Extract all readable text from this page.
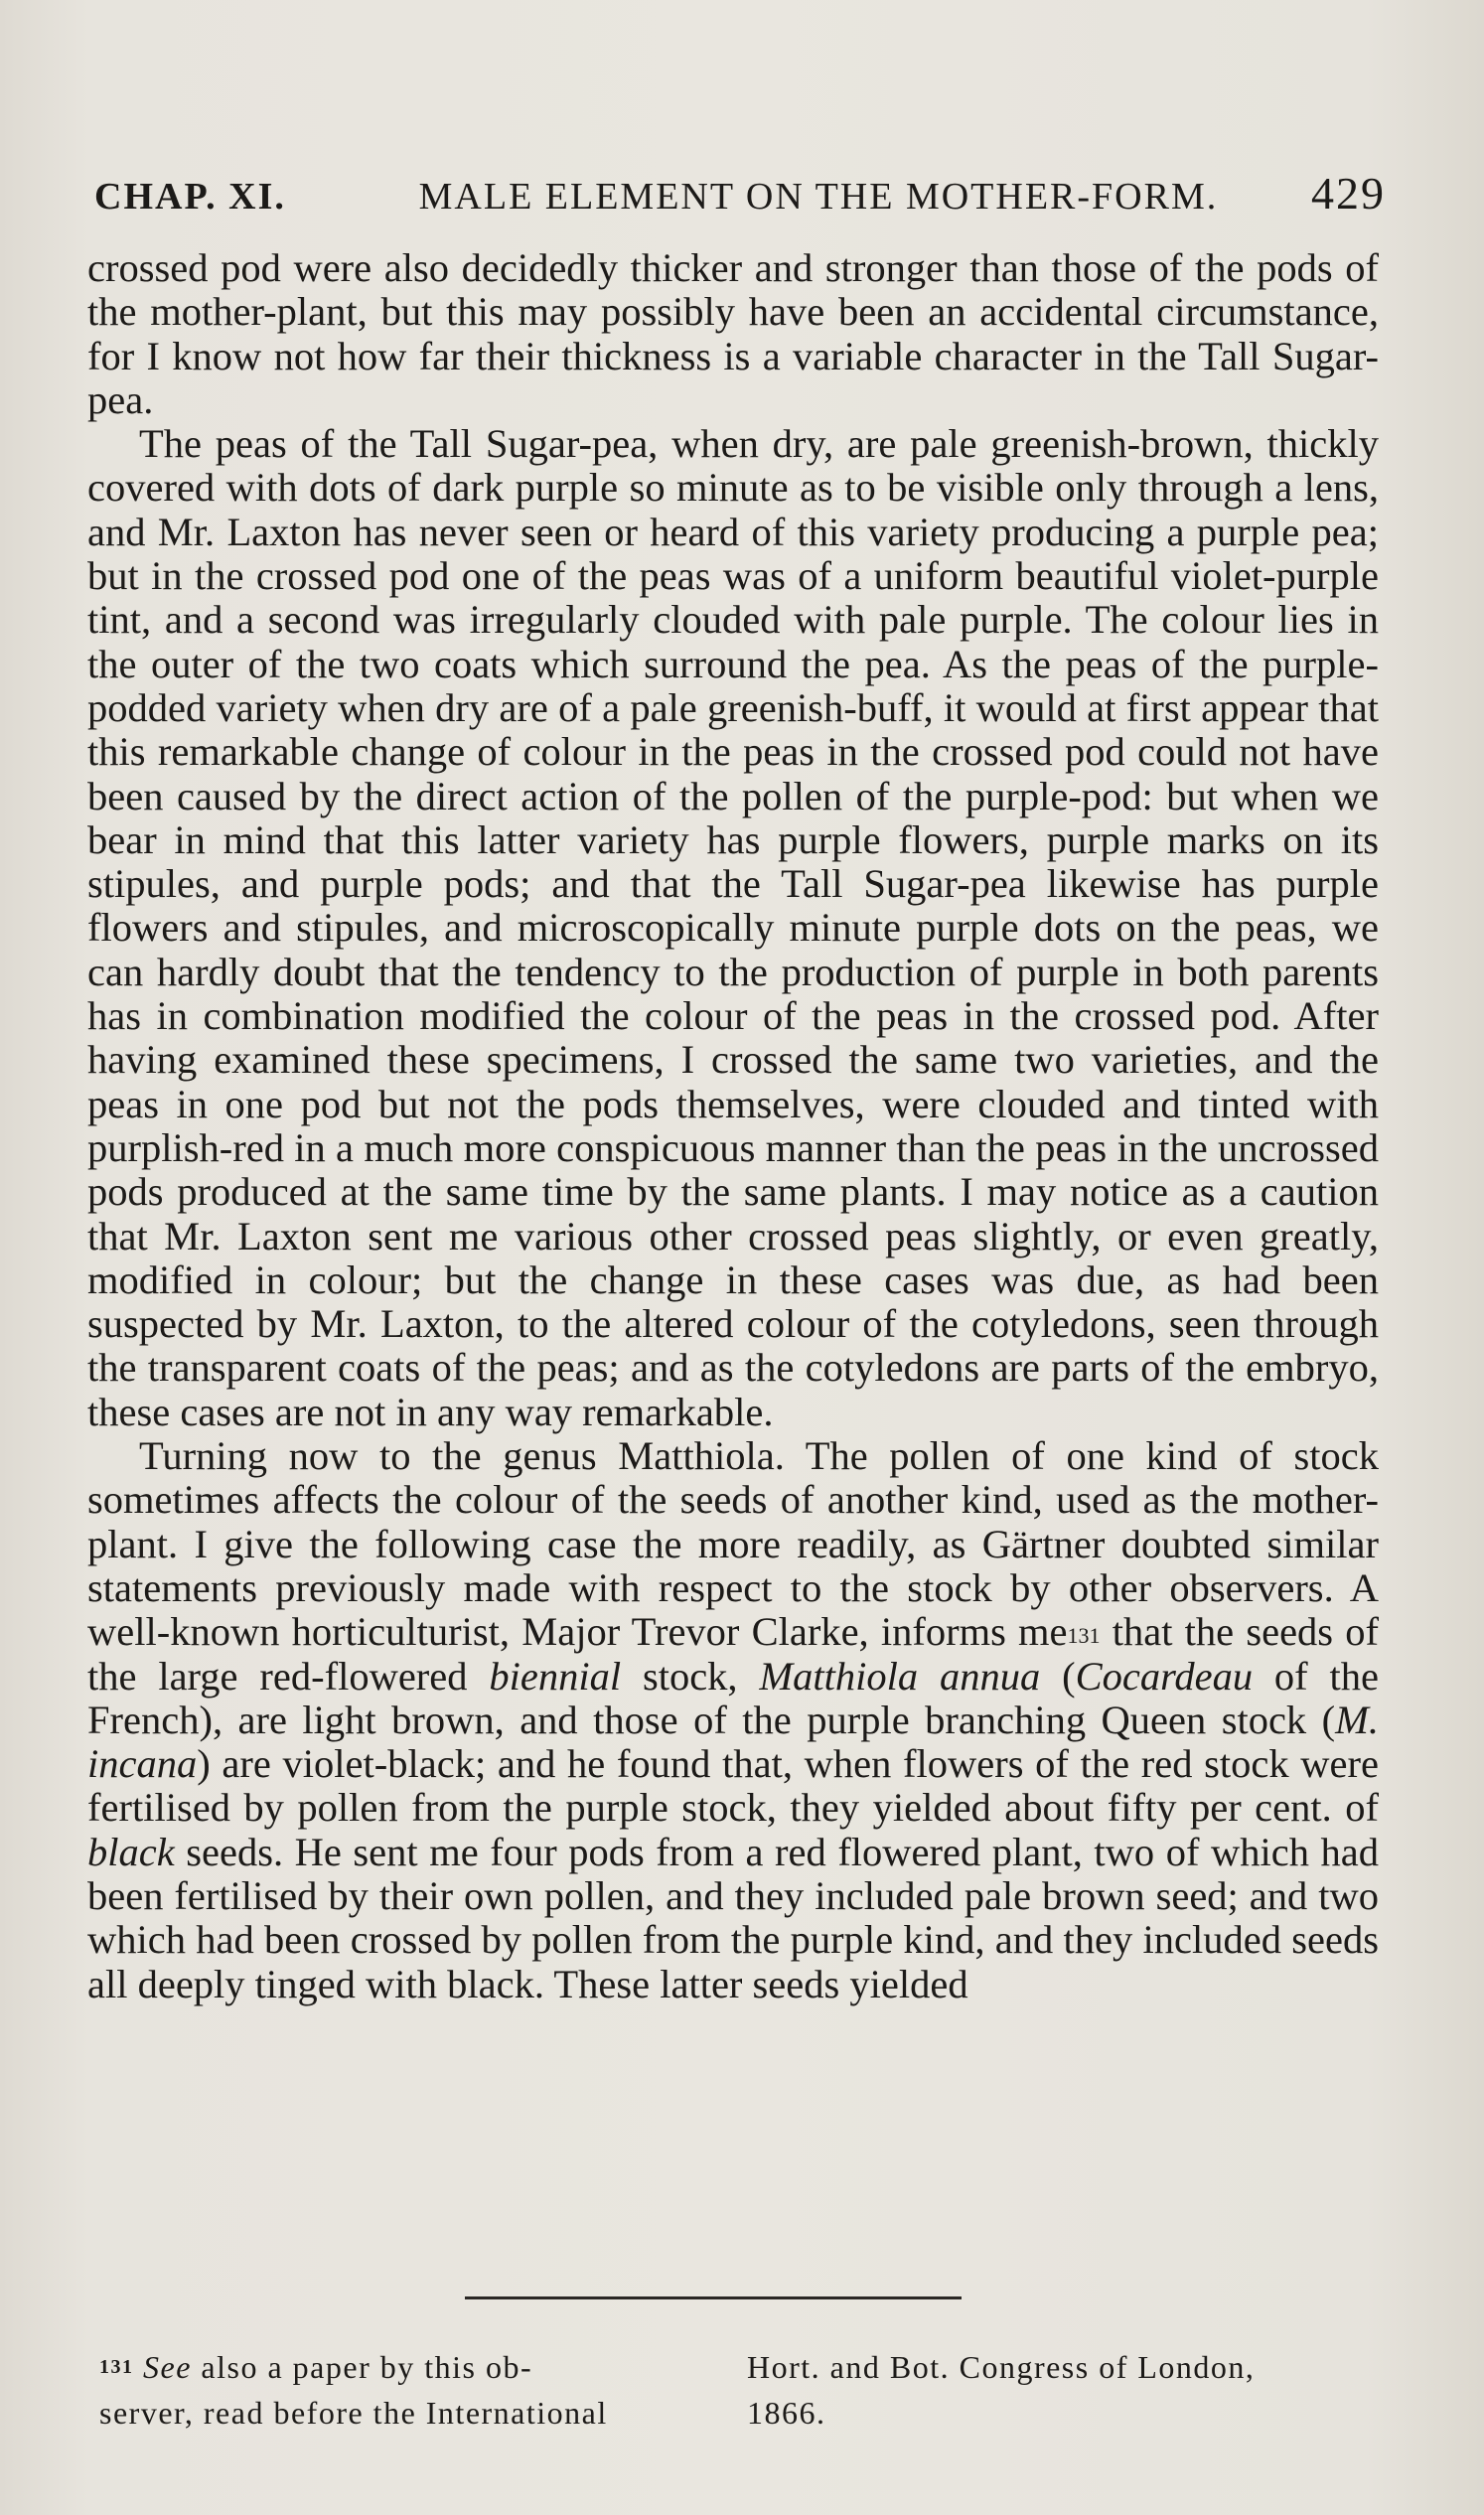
CHAP. XI.	MALE ELEMENT ON THE MOTHER-FORM. 429

crossed pod were also decidedly thicker and stronger than those of the pods of the mother-plant, but this may possibly have been an accidental circumstance, for I know not how far their thickness is a variable character in the Tall Sugar-pea.

The peas of the Tall Sugar-pea, when dry, are pale greenish-brown, thickly covered with dots of dark purple so minute as to be visible only through a lens, and Mr. Laxton has never seen or heard of this variety producing a purple pea; but in the crossed pod one of the peas was of a uniform beautiful violet-purple tint, and a second was irregularly clouded with pale purple. The colour lies in the outer of the two coats which surround the pea. As the peas of the purple-podded variety when dry are of a pale greenish-buff, it would at first appear that this remarkable change of colour in the peas in the crossed pod could not have been caused by the direct action of the pollen of the purple-pod: but when we bear in mind that this latter variety has purple flowers, purple marks on its stipules, and purple pods; and that the Tall Sugar-pea likewise has purple flowers and stipules, and microscopically minute purple dots on the peas, we can hardly doubt that the tendency to the production of purple in both parents has in combination modified the colour of the peas in the crossed pod. After having examined these specimens, I crossed the same two varieties, and the peas in one pod but not the pods themselves, were clouded and tinted with purplish-red in a much more conspicuous manner than the peas in the uncrossed pods produced at the same time by the same plants. I may notice as a caution that Mr. Laxton sent me various other crossed peas slightly, or even greatly, modified in colour; but the change in these cases was due, as had been suspected by Mr. Laxton, to the altered colour of the cotyledons, seen through the transparent coats of the peas; and as the cotyledons are parts of the embryo, these cases are not in any way remarkable.

Turning now to the genus Matthiola. The pollen of one kind of stock sometimes affects the colour of the seeds of another kind, used as the mother-plant. I give the following case the more readily, as Gärtner doubted similar statements previously made with respect to the stock by other observers. A well-known horticulturist, Major Trevor Clarke, informs $me^{131}$ that the seeds of the large red-flowered biennial stock, Matthiola annua (Cocardeau of the French), are light brown, and those of the purple branching Queen stock (M. incana) are violet-black; and he found that, when flowers of the red stock were fertilised by pollen from the purple stock, they yielded about fifty per cent. of black seeds. He sent me four pods from a red flowered plant, two of which had been fertilised by their own pollen, and they included pale brown seed; and two which had been crossed by pollen from the purple kind, and they included seeds all deeply tinged with black. These latter seeds yielded

$^{131}$ See also a paper by this ob-
server, read before the International
Hort. and Bot. Congress of London,
1866.
